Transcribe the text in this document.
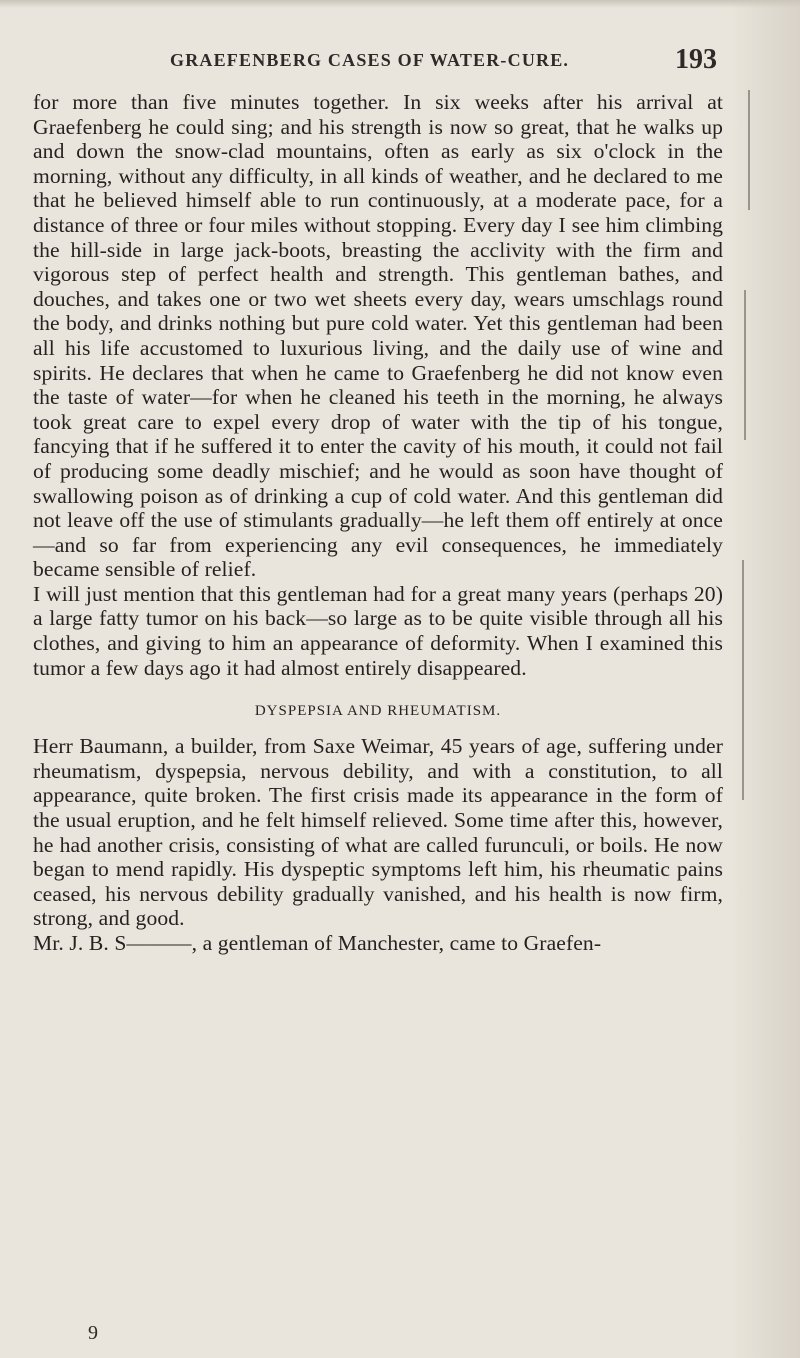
GRAEFENBERG CASES OF WATER-CURE.	193

for more than five minutes together. In six weeks after his arrival at Graefenberg he could sing; and his strength is now so great, that he walks up and down the snow-clad mountains, often as early as six o'clock in the morning, without any difficulty, in all kinds of weather, and he declared to me that he believed himself able to run continuously, at a moderate pace, for a distance of three or four miles without stopping. Every day I see him climbing the hill-side in large jack-boots, breasting the acclivity with the firm and vigorous step of perfect health and strength. This gentleman bathes, and douches, and takes one or two wet sheets every day, wears umschlags round the body, and drinks nothing but pure cold water. Yet this gentleman had been all his life accustomed to luxurious living, and the daily use of wine and spirits. He declares that when he came to Graefenberg he did not know even the taste of water—for when he cleaned his teeth in the morning, he always took great care to expel every drop of water with the tip of his tongue, fancying that if he suffered it to enter the cavity of his mouth, it could not fail of producing some deadly mischief; and he would as soon have thought of swallowing poison as of drinking a cup of cold water. And this gentleman did not leave off the use of stimulants gradually—he left them off entirely at once—and so far from experiencing any evil consequences, he immediately became sensible of relief.

I will just mention that this gentleman had for a great many years (perhaps 20) a large fatty tumor on his back—so large as to be quite visible through all his clothes, and giving to him an appearance of deformity. When I examined this tumor a few days ago it had almost entirely disappeared.

DYSPEPSIA AND RHEUMATISM.

Herr Baumann, a builder, from Saxe Weimar, 45 years of age, suffering under rheumatism, dyspepsia, nervous debility, and with a constitution, to all appearance, quite broken. The first crisis made its appearance in the form of the usual eruption, and he felt himself relieved. Some time after this, however, he had another crisis, consisting of what are called furunculi, or boils. He now began to mend rapidly. His dyspeptic symptoms left him, his rheumatic pains ceased, his nervous debility gradually vanished, and his health is now firm, strong, and good.

Mr. J. B. S———, a gentleman of Manchester, came to Graefen-

9
